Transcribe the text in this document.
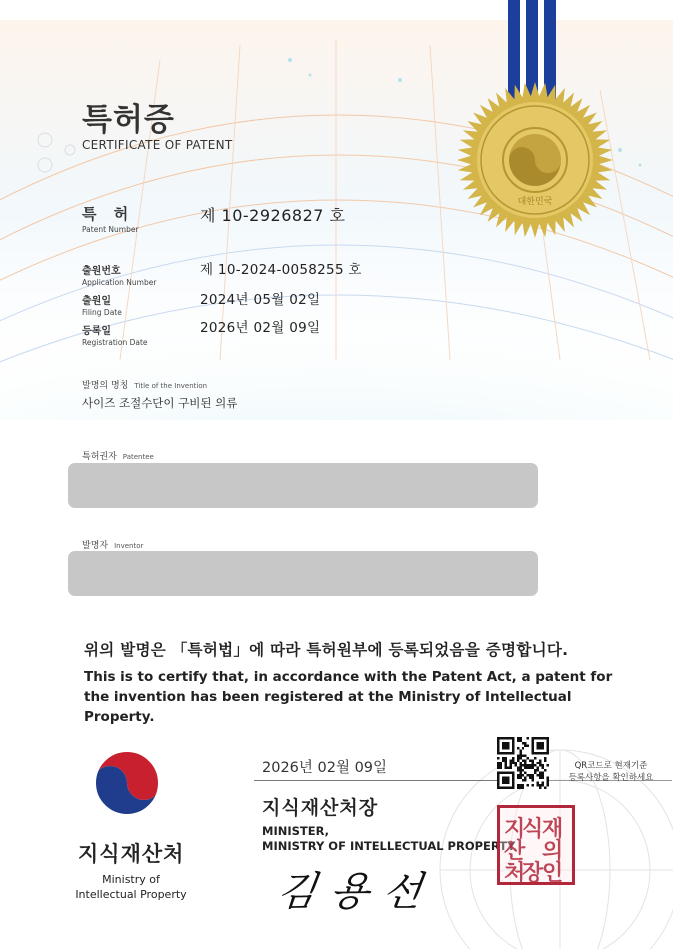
대한민국
특허증
CERTIFICATE OF PATENT
특 허
Patent Number
제 10-2926827 호
출원번호
Application Number
제 10-2024-0058255 호
출원일
Filing Date
2024년 05월 02일
등록일
Registration Date
2026년 02월 09일
발명의 명칭 Title of the Invention
사이즈 조절수단이 구비된 의류
특허권자 Patentee
발명자 Inventor
위의 발명은 「특허법」에 따라 특허원부에 등록되었음을 증명합니다.
This is to certify that, in accordance with the Patent Act, a patent for the invention has been registered at the Ministry of Intellectual Property.
지식재산처
Ministry of
Intellectual Property
2026년 02월 09일	QR코드로 현재기준
등록사항을 확인하세요
지식재산처장
MINISTER,
MINISTRY OF INTELLECTUAL PROPERTY
지
식
재
산
처
장
의
인
김용선
